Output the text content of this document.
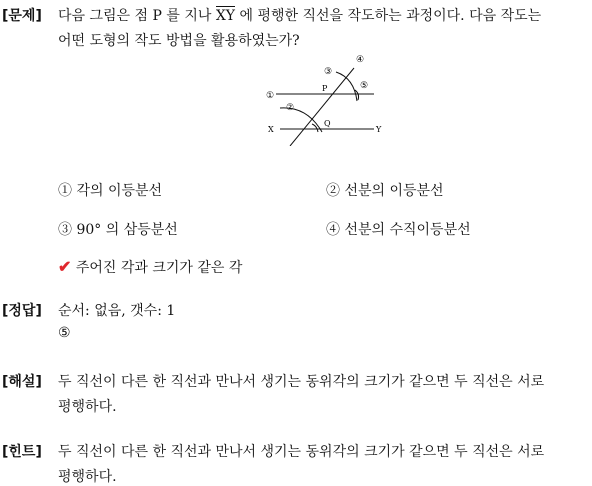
[문제] 다음 그림은 점 P 를 지나 XY ↔ 에 평행한 직선을 작도하는 과정이다. 다음 작도는
어떤 도형의 작도 방법을 활용하였는가?
①
②
③
④
⑤
P
Q
X	Y
① 각의 이등분선	② 선분의 이등분선
③ 90° 의 삼등분선	④ 선분의 수직이등분선
✔ 주어진 각과 크기가 같은 각
[정답] 순서: 없음, 갯수: 1
⑤
[해설] 두 직선이 다른 한 직선과 만나서 생기는 동위각의 크기가 같으면 두 직선은 서로
평행하다.
[힌트] 두 직선이 다른 한 직선과 만나서 생기는 동위각의 크기가 같으면 두 직선은 서로
평행하다.
